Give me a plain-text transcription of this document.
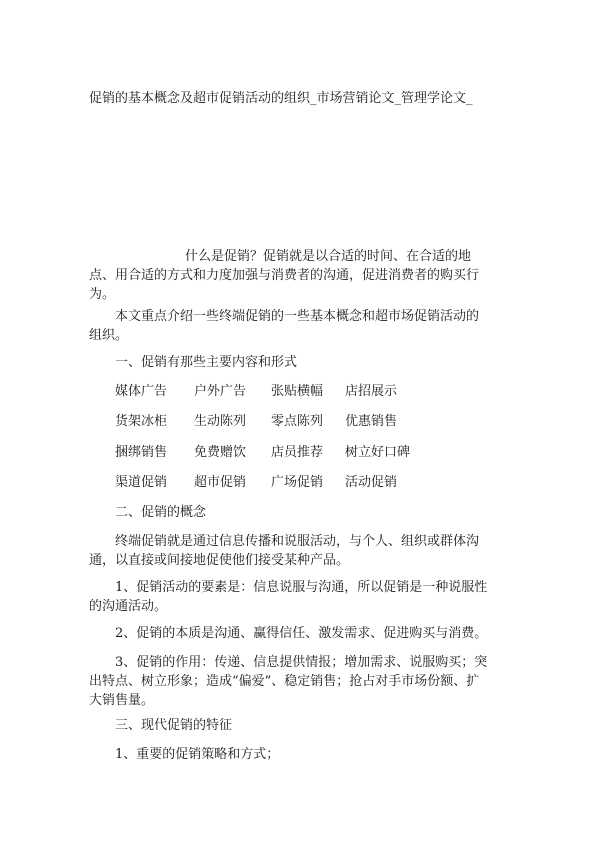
促销的基本概念及超市促销活动的组织_市场营销论文_管理学论文_

什么是促销？促销就是以合适的时间、在合适的地点、用合适的方式和力度加强与消费者的沟通，促进消费者的购买行为。

本文重点介绍一些终端促销的一些基本概念和超市场促销活动的组织。

一、促销有那些主要内容和形式
媒体广告 户外广告 张贴横幅 店招展示
货架冰柜 生动陈列 零点陈列 优惠销售
捆绑销售 免费赠饮 店员推荐 树立好口碑
渠道促销 超市促销 广场促销 活动促销
二、促销的概念

终端促销就是通过信息传播和说服活动，与个人、组织或群体沟通，以直接或间接地促使他们接受某种产品。

1、促销活动的要素是：信息说服与沟通，所以促销是一种说服性的沟通活动。

2、促销的本质是沟通、赢得信任、激发需求、促进购买与消费。

3、促销的作用：传递、信息提供情报；增加需求、说服购买；突出特点、树立形象；造成“偏爱”、稳定销售；抢占对手市场份额、扩大销售量。

三、现代促销的特征

1、重要的促销策略和方式；
